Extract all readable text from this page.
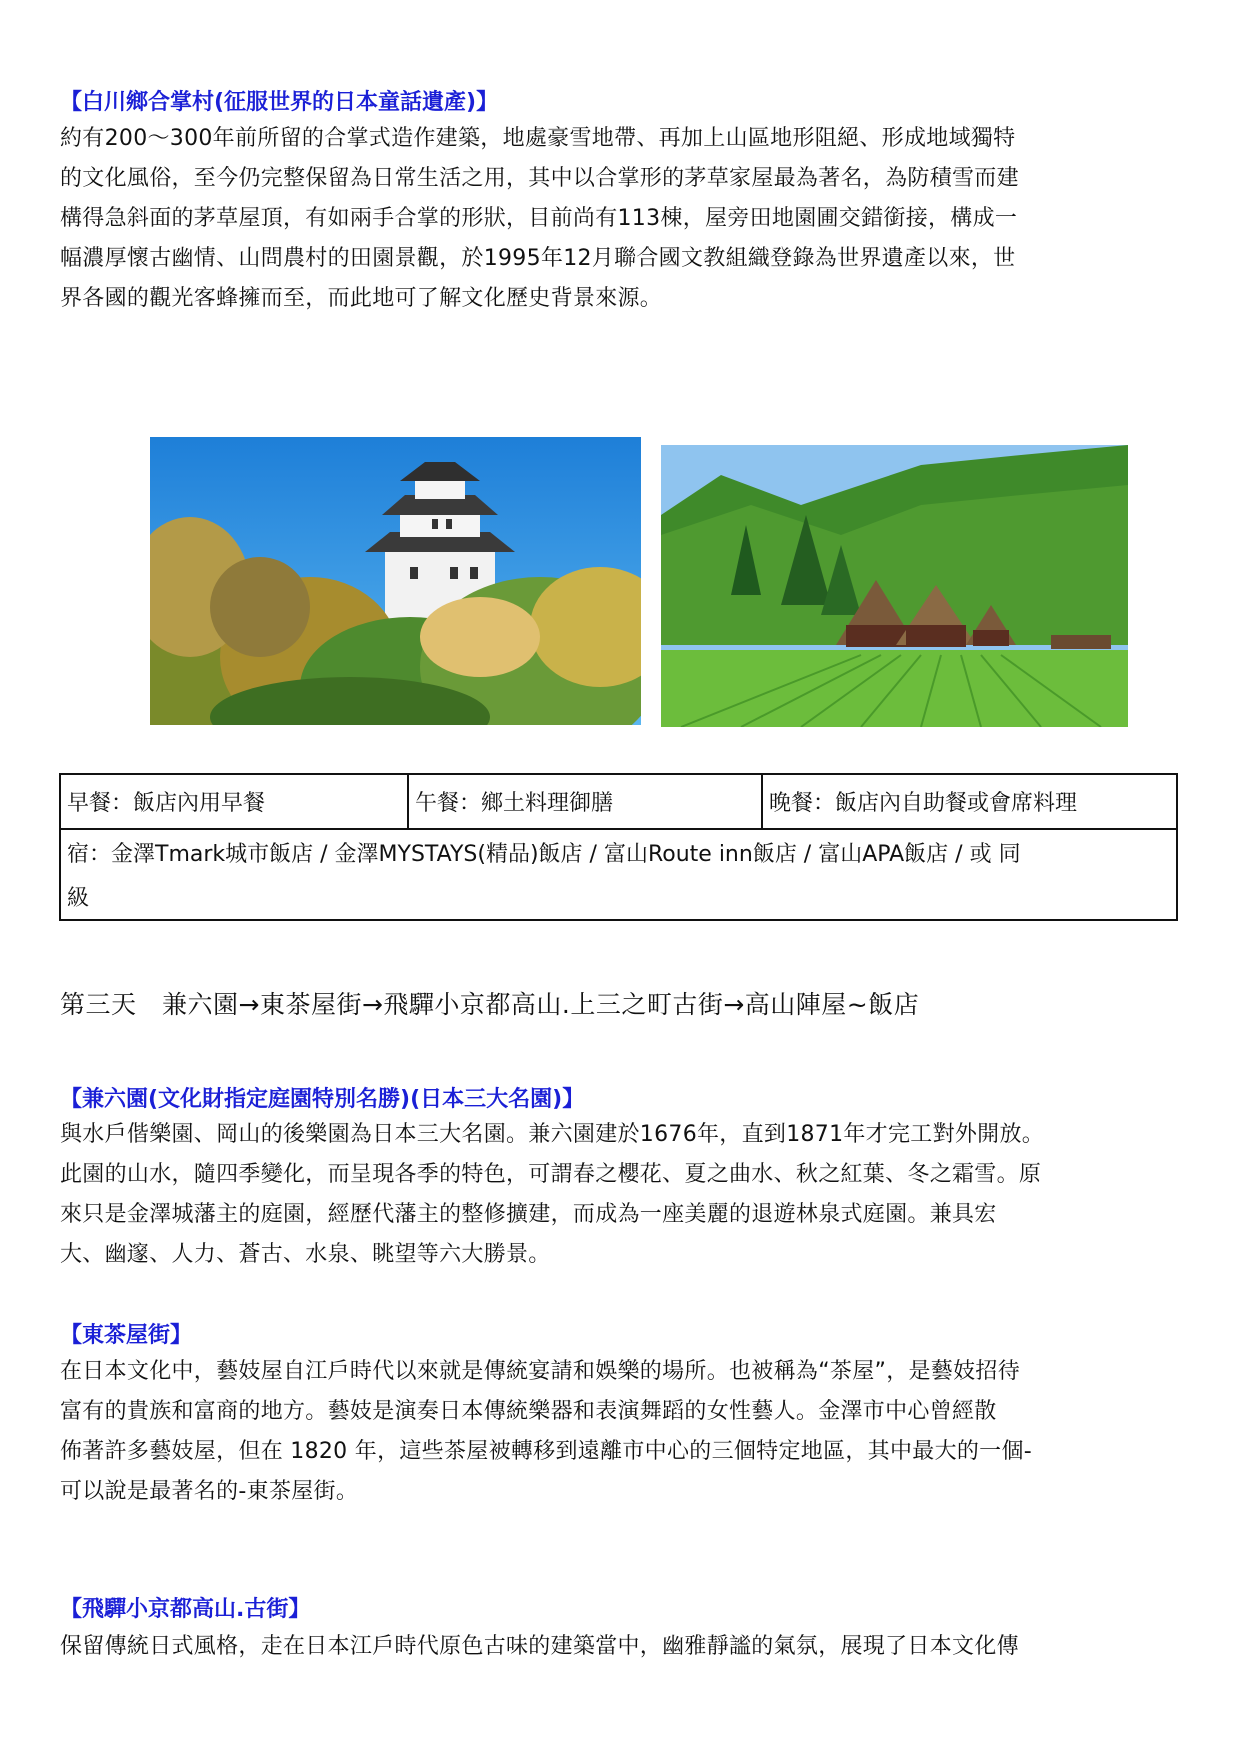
【白川鄉合掌村(征服世界的日本童話遺產)】
約有200～300年前所留的合掌式造作建築，地處豪雪地帶、再加上山區地形阻絕、形成地域獨特
的文化風俗，至今仍完整保留為日常生活之用，其中以合掌形的茅草家屋最為著名，為防積雪而建
構得急斜面的茅草屋頂，有如兩手合掌的形狀，目前尚有113棟，屋旁田地園圃交錯銜接，構成一
幅濃厚懷古幽情、山問農村的田園景觀，於1995年12月聯合國文教組織登錄為世界遺產以來，世
界各國的觀光客蜂擁而至，而此地可了解文化歷史背景來源。
早餐：飯店內用早餐	午餐：鄉土料理御膳	晚餐：飯店內自助餐或會席料理
宿：金澤Tmark城市飯店 / 金澤MYSTAYS(精品)飯店 / 富山Route inn飯店 / 富山APA飯店 / 或 同
級
第三天　兼六園→東茶屋街→飛驒小京都高山.上三之町古街→高山陣屋~飯店
【兼六園(文化財指定庭園特別名勝)(日本三大名園)】
與水戶偕樂園、岡山的後樂園為日本三大名園。兼六園建於1676年，直到1871年才完工對外開放。
此園的山水，隨四季變化，而呈現各季的特色，可謂春之櫻花、夏之曲水、秋之紅葉、冬之霜雪。原
來只是金澤城藩主的庭園，經歷代藩主的整修擴建，而成為一座美麗的退遊林泉式庭園。兼具宏
大、幽邃、人力、蒼古、水泉、眺望等六大勝景。
【東茶屋街】
在日本文化中，藝妓屋自江戶時代以來就是傳統宴請和娛樂的場所。也被稱為“茶屋”，是藝妓招待
富有的貴族和富商的地方。藝妓是演奏日本傳統樂器和表演舞蹈的女性藝人。金澤市中心曾經散
佈著許多藝妓屋，但在 1820 年，這些茶屋被轉移到遠離市中心的三個特定地區，其中最大的一個-
可以說是最著名的-東茶屋街。
【飛驒小京都高山.古街】
保留傳統日式風格，走在日本江戶時代原色古味的建築當中，幽雅靜謐的氣氛，展現了日本文化傳
